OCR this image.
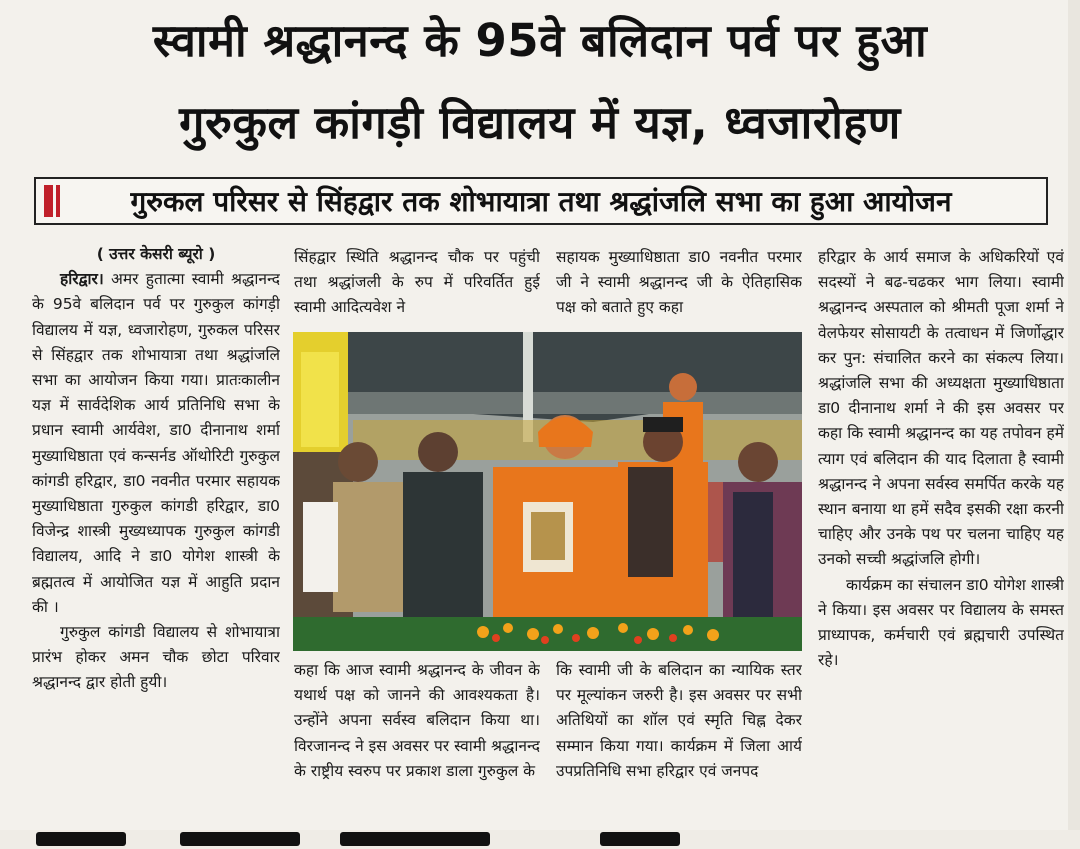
स्वामी श्रद्धानन्द के 95वे बलिदान पर्व पर हुआ
गुरुकुल कांगड़ी विद्यालय में यज्ञ, ध्वजारोहण
गुरुकल परिसर से सिंहद्वार तक शोभायात्रा तथा श्रद्धांजलि सभा का हुआ आयोजन

( उत्तर केसरी ब्यूरो )

हरिद्वार। अमर हुतात्मा स्वामी श्रद्धानन्द के 95वे बलिदान पर्व पर गुरुकुल कांगड़ी विद्यालय में यज्ञ, ध्वजारोहण, गुरुकल परिसर से सिंहद्वार तक शोभायात्रा तथा श्रद्धांजलि सभा का आयोजन किया गया। प्रातःकालीन यज्ञ में सार्वदेशिक आर्य प्रतिनिधि सभा के प्रधान स्वामी आर्यवेश, डा0 दीनानाथ शर्मा मुख्याधिष्ठाता एवं कन्सर्नड ऑथोरिटी गुरुकुल कांगडी हरिद्वार, डा0 नवनीत परमार सहायक मुख्याधिष्ठाता गुरुकुल कांगडी हरिद्वार, डा0 विजेन्द्र शास्त्री मुख्यध्यापक गुरुकुल कांगडी विद्यालय, आदि ने डा0 योगेश शास्त्री के ब्रह्मतत्व में आयोजित यज्ञ में आहुति प्रदान की ।

गुरुकुल कांगडी विद्यालय से शोभायात्रा प्रारंभ होकर अमन चौक छोटा परिवार श्रद्धानन्द द्वार होती हुयी।

सिंहद्वार स्थिति श्रद्धानन्द चौक पर पहुंची तथा श्रद्धांजली के रुप में परिवर्तित हुई स्वामी आदित्यवेश ने
सहायक मुख्याधिष्ठाता डा0 नवनीत परमार जी ने स्वामी श्रद्धानन्द जी के ऐतिहासिक पक्ष को बताते हुए कहा
कहा कि आज स्वामी श्रद्धानन्द के जीवन के यथार्थ पक्ष को जानने की आवश्यकता है। उन्होंने अपना सर्वस्व बलिदान किया था। विरजानन्द ने इस अवसर पर स्वामी श्रद्धानन्द के राष्ट्रीय स्वरुप पर प्रकाश डाला गुरुकुल के
कि स्वामी जी के बलिदान का न्यायिक स्तर पर मूल्यांकन जरुरी है। इस अवसर पर सभी अतिथियों का शॉल एवं स्मृति चिह्न देकर सम्मान किया गया। कार्यक्रम में जिला आर्य उपप्रतिनिधि सभा हरिद्वार एवं जनपद

हरिद्वार के आर्य समाज के अधिकरियों एवं सदस्यों ने बढ-चढकर भाग लिया। स्वामी श्रद्धानन्द अस्पताल को श्रीमती पूजा शर्मा ने वेलफेयर सोसायटी के तत्वाधन में जिर्णोद्धार कर पुन: संचालित करने का संकल्प लिया। श्रद्धांजलि सभा की अध्यक्षता मुख्याधिष्ठाता डा0 दीनानाथ शर्मा ने की इस अवसर पर कहा कि स्वामी श्रद्धानन्द का यह तपोवन हमें त्याग एवं बलिदान की याद दिलाता है स्वामी श्रद्धानन्द ने अपना सर्वस्व समर्पित करके यह स्थान बनाया था हमें सदैव इसकी रक्षा करनी चाहिए और उनके पथ पर चलना चाहिए यह उनको सच्ची श्रद्धांजलि होगी।

कार्यक्रम का संचालन डा0 योगेश शास्त्री ने किया। इस अवसर पर विद्यालय के समस्त प्राध्यापक, कर्मचारी एवं ब्रह्मचारी उपस्थित रहे।
